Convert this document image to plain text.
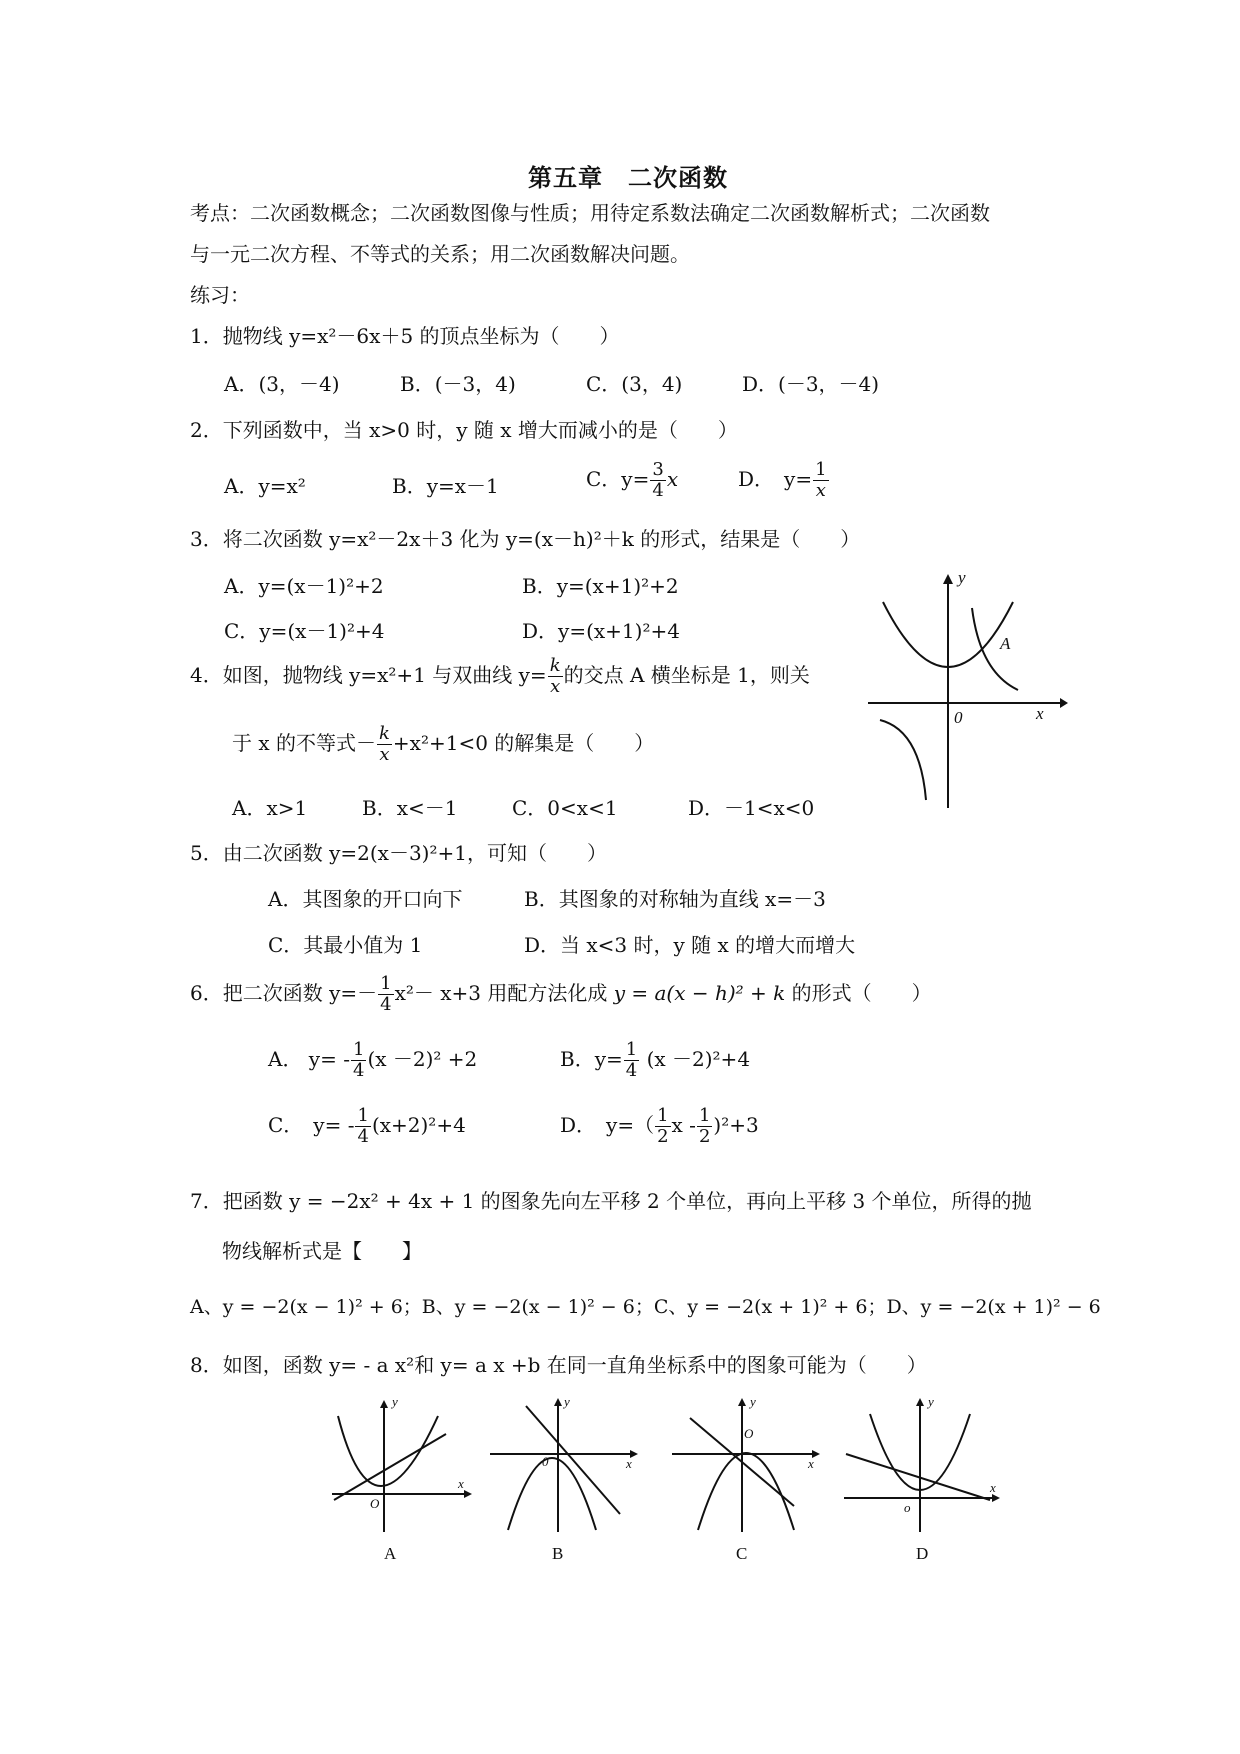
第五章　二次函数
考点：二次函数概念；二次函数图像与性质；用待定系数法确定二次函数解析式；二次函数
与一元二次方程、不等式的关系；用二次函数解决问题。
练习：
1．抛物线 y=x²－6x＋5 的顶点坐标为（　　）
A．(3，－4)	B．(－3，4)	C．(3，4)	D．(－3，－4)
2．下列函数中，当 x>0 时，y 随 x 增大而减小的是（　　）
A．y=x²	B．y=x－1	C．$y= \frac{3}{4}$ x	D．　$y= \frac{1}{x}$
3．将二次函数 y=x²－2x＋3 化为 y=(x－h)²＋k 的形式，结果是（　　）
A．y=(x－1)²+2	B．y=(x+1)²+2
C．y=(x－1)²+4	D．y=(x+1)²+4
4．如图，抛物线 y=x²+1 与双曲线 $y= \frac{k}{x}$ 的交点 A 横坐标是 1，则关
于 x 的不等式－ $\frac{k}{x} +x^2+1<0$ 的解集是（　　）
A．x>1	B．x<－1	C．0<x<1	D．－1<x<0
y
x
0
A
5．由二次函数 y=2(x－3)²+1，可知（　　）
A．其图象的开口向下	B．其图象的对称轴为直线 x=－3
C．其最小值为 1	D．当 x<3 时，y 随 x 的增大而增大
6．把二次函数 $y=- \frac{1}{4} x^2- x+3$ 用配方法化成 y = a(x − h)² + k 的形式（　　）
A． $y= - \frac{1}{4} (x -2)^2 +2$	B．$y= \frac{1}{4} (x -2)^2+4$
C．　$y= - \frac{1}{4} (x+2)^2+4$	D．　$y=( \frac{1}{2}$ $x - \frac{1}{2} )^2+3$
7．把函数 y = −2x² + 4x + 1 的图象先向左平移 2 个单位，再向上平移 3 个单位，所得的抛
物线解析式是【　　】
A、y = −2(x − 1)² + 6；B、y = −2(x − 1)² − 6；C、y = −2(x + 1)² + 6；D、y = −2(x + 1)² − 6
8．如图，函数 y= - a x²和 y= a x +b 在同一直角坐标系中的图象可能为（　　）
y
x
O
A
y
x
0
B
y
x
O
C
y
x
o
D
